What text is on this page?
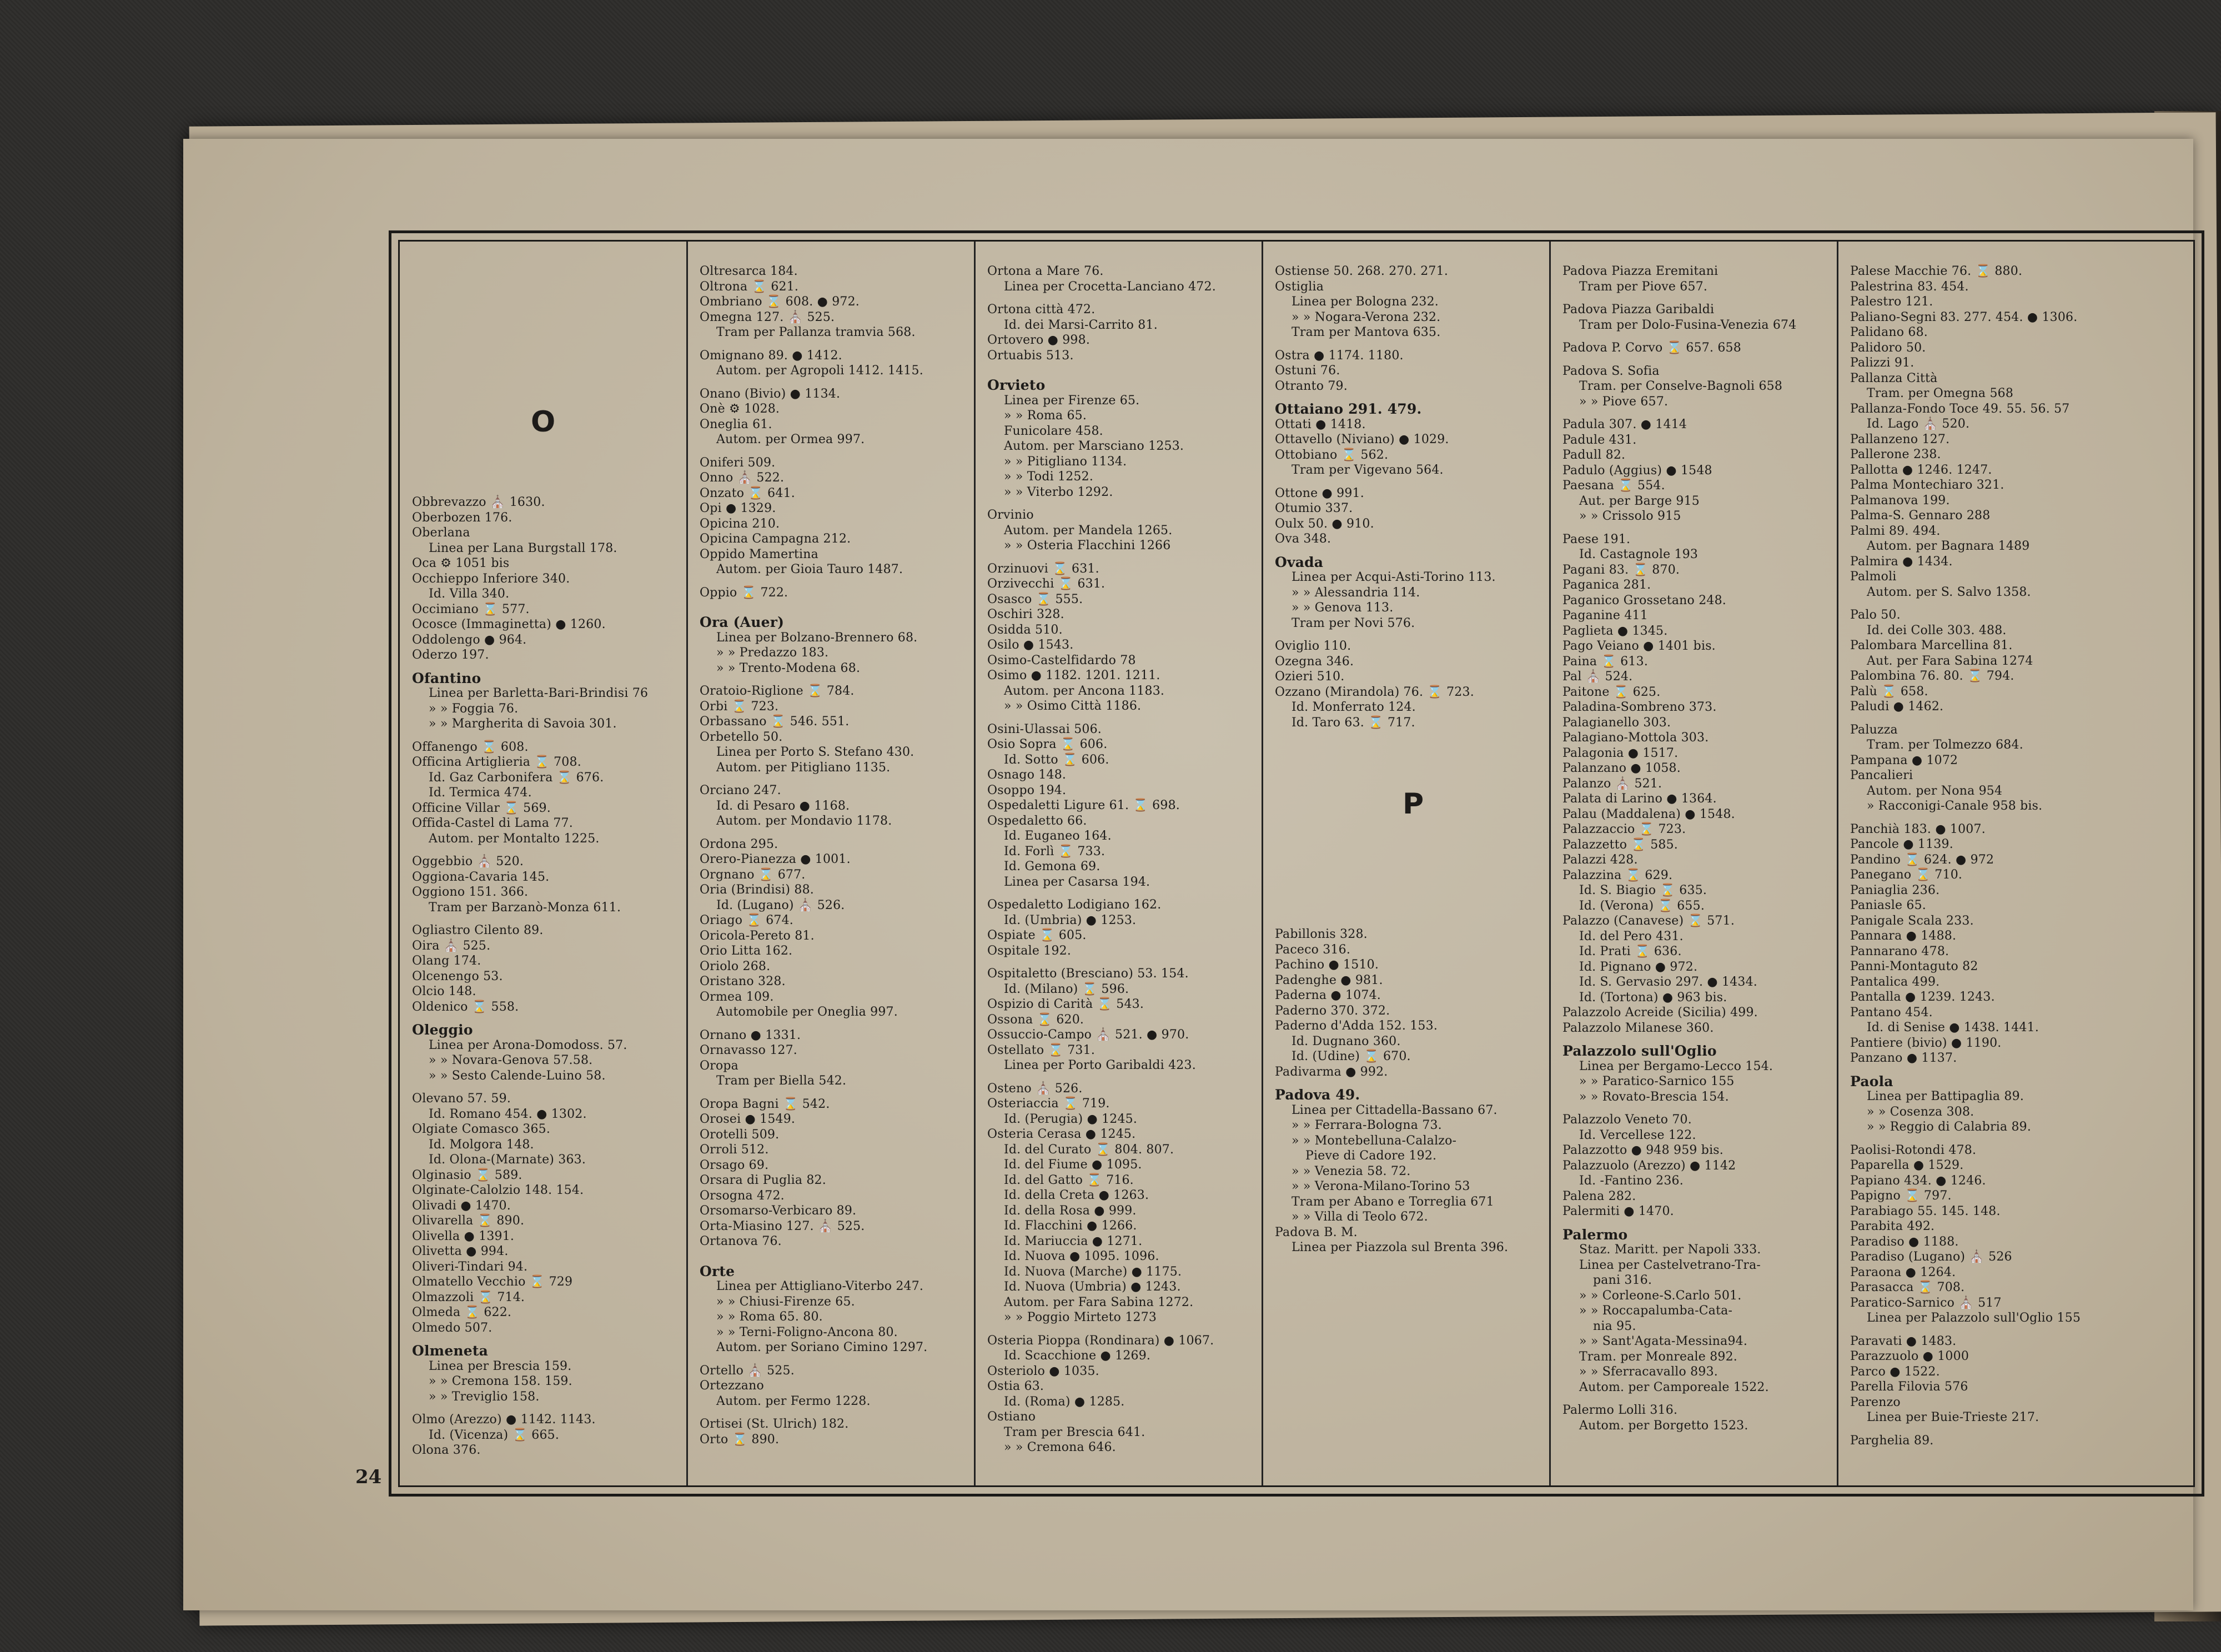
O
Obbrevazzo ⛪ 1630.
Oberbozen 176.
Oberlana
Linea per Lana Burgstall 178.
Oca ⚙ 1051 bis
Occhieppo Inferiore 340.
Id. Villa 340.
Occimiano ⌛ 577.
Ocosce (Immaginetta) ● 1260.
Oddolengo ● 964.
Oderzo 197.
Ofantino
Linea per Barletta-Bari-Brindisi 76
» » Foggia 76.
» » Margherita di Savoia 301.
Offanengo ⌛ 608.
Officina Artiglieria ⌛ 708.
Id. Gaz Carbonifera ⌛ 676.
Id. Termica 474.
Officine Villar ⌛ 569.
Offida-Castel di Lama 77.
Autom. per Montalto 1225.
Oggebbio ⛪ 520.
Oggiona-Cavaria 145.
Oggiono 151. 366.
Tram per Barzanò-Monza 611.
Ogliastro Cilento 89.
Oira ⛪ 525.
Olang 174.
Olcenengo 53.
Olcio 148.
Oldenico ⌛ 558.
Oleggio
Linea per Arona-Domodoss. 57.
» » Novara-Genova 57.58.
» » Sesto Calende-Luino 58.
Olevano 57. 59.
Id. Romano 454. ● 1302.
Olgiate Comasco 365.
Id. Molgora 148.
Id. Olona-(Marnate) 363.
Olginasio ⌛ 589.
Olginate-Calolzio 148. 154.
Olivadi ● 1470.
Olivarella ⌛ 890.
Olivella ● 1391.
Olivetta ● 994.
Oliveri-Tindari 94.
Olmatello Vecchio ⌛ 729
Olmazzoli ⌛ 714.
Olmeda ⌛ 622.
Olmedo 507.
Olmeneta
Linea per Brescia 159.
» » Cremona 158. 159.
» » Treviglio 158.
Olmo (Arezzo) ● 1142. 1143.
Id. (Vicenza) ⌛ 665.
Olona 376.
Oltresarca 184.
Oltrona ⌛ 621.
Ombriano ⌛ 608. ● 972.
Omegna 127. ⛪ 525.
Tram per Pallanza tramvia 568.
Omignano 89. ● 1412.
Autom. per Agropoli 1412. 1415.
Onano (Bivio) ● 1134.
Onè ⚙ 1028.
Oneglia 61.
Autom. per Ormea 997.
Oniferi 509.
Onno ⛪ 522.
Onzato ⌛ 641.
Opi ● 1329.
Opicina 210.
Opicina Campagna 212.
Oppido Mamertina
Autom. per Gioia Tauro 1487.
Oppio ⌛ 722.
Ora (Auer)
Linea per Bolzano-Brennero 68.
» » Predazzo 183.
» » Trento-Modena 68.
Oratoio-Riglione ⌛ 784.
Orbi ⌛ 723.
Orbassano ⌛ 546. 551.
Orbetello 50.
Linea per Porto S. Stefano 430.
Autom. per Pitigliano 1135.
Orciano 247.
Id. di Pesaro ● 1168.
Autom. per Mondavio 1178.
Ordona 295.
Orero-Pianezza ● 1001.
Orgnano ⌛ 677.
Oria (Brindisi) 88.
Id. (Lugano) ⛪ 526.
Oriago ⌛ 674.
Oricola-Pereto 81.
Orio Litta 162.
Oriolo 268.
Oristano 328.
Ormea 109.
Automobile per Oneglia 997.
Ornano ● 1331.
Ornavasso 127.
Oropa
Tram per Biella 542.
Oropa Bagni ⌛ 542.
Orosei ● 1549.
Orotelli 509.
Orroli 512.
Orsago 69.
Orsara di Puglia 82.
Orsogna 472.
Orsomarso-Verbicaro 89.
Orta-Miasino 127. ⛪ 525.
Ortanova 76.
Orte
Linea per Attigliano-Viterbo 247.
» » Chiusi-Firenze 65.
» » Roma 65. 80.
» » Terni-Foligno-Ancona 80.
Autom. per Soriano Cimino 1297.
Ortello ⛪ 525.
Ortezzano
Autom. per Fermo 1228.
Ortisei (St. Ulrich) 182.
Orto ⌛ 890.
Ortona a Mare 76.
Linea per Crocetta-Lanciano 472.
Ortona città 472.
Id. dei Marsi-Carrito 81.
Ortovero ● 998.
Ortuabis 513.
Orvieto
Linea per Firenze 65.
» » Roma 65.
Funicolare 458.
Autom. per Marsciano 1253.
» » Pitigliano 1134.
» » Todi 1252.
» » Viterbo 1292.
Orvinio
Autom. per Mandela 1265.
» » Osteria Flacchini 1266
Orzinuovi ⌛ 631.
Orzivecchi ⌛ 631.
Osasco ⌛ 555.
Oschiri 328.
Osidda 510.
Osilo ● 1543.
Osimo-Castelfidardo 78
Osimo ● 1182. 1201. 1211.
Autom. per Ancona 1183.
» » Osimo Città 1186.
Osini-Ulassai 506.
Osio Sopra ⌛ 606.
Id. Sotto ⌛ 606.
Osnago 148.
Osoppo 194.
Ospedaletti Ligure 61. ⌛ 698.
Ospedaletto 66.
Id. Euganeo 164.
Id. Forlì ⌛ 733.
Id. Gemona 69.
Linea per Casarsa 194.
Ospedaletto Lodigiano 162.
Id. (Umbria) ● 1253.
Ospiate ⌛ 605.
Ospitale 192.
Ospitaletto (Bresciano) 53. 154.
Id. (Milano) ⌛ 596.
Ospizio di Carità ⌛ 543.
Ossona ⌛ 620.
Ossuccio-Campo ⛪ 521. ● 970.
Ostellato ⌛ 731.
Linea per Porto Garibaldi 423.
Osteno ⛪ 526.
Osteriaccia ⌛ 719.
Id. (Perugia) ● 1245.
Osteria Cerasa ● 1245.
Id. del Curato ⌛ 804. 807.
Id. del Fiume ● 1095.
Id. del Gatto ⌛ 716.
Id. della Creta ● 1263.
Id. della Rosa ● 999.
Id. Flacchini ● 1266.
Id. Mariuccia ● 1271.
Id. Nuova ● 1095. 1096.
Id. Nuova (Marche) ● 1175.
Id. Nuova (Umbria) ● 1243.
Autom. per Fara Sabina 1272.
» » Poggio Mirteto 1273
Osteria Pioppa (Rondinara) ● 1067.
Id. Scacchione ● 1269.
Osteriolo ● 1035.
Ostia 63.
Id. (Roma) ● 1285.
Ostiano
Tram per Brescia 641.
» » Cremona 646.
Ostiense 50. 268. 270. 271.
Ostiglia
Linea per Bologna 232.
» » Nogara-Verona 232.
Tram per Mantova 635.
Ostra ● 1174. 1180.
Ostuni 76.
Otranto 79.
Ottaiano 291. 479.
Ottati ● 1418.
Ottavello (Niviano) ● 1029.
Ottobiano ⌛ 562.
Tram per Vigevano 564.
Ottone ● 991.
Otumio 337.
Oulx 50. ● 910.
Ova 348.
Ovada
Linea per Acqui-Asti-Torino 113.
» » Alessandria 114.
» » Genova 113.
Tram per Novi 576.
Oviglio 110.
Ozegna 346.
Ozieri 510.
Ozzano (Mirandola) 76. ⌛ 723.
Id. Monferrato 124.
Id. Taro 63. ⌛ 717.
P
Pabillonis 328.
Paceco 316.
Pachino ● 1510.
Padenghe ● 981.
Paderna ● 1074.
Paderno 370. 372.
Paderno d'Adda 152. 153.
Id. Dugnano 360.
Id. (Udine) ⌛ 670.
Padivarma ● 992.
Padova 49.
Linea per Cittadella-Bassano 67.
» » Ferrara-Bologna 73.
» » Montebelluna-Calalzo-
Pieve di Cadore 192.
» » Venezia 58. 72.
» » Verona-Milano-Torino 53
Tram per Abano e Torreglia 671
» » Villa di Teolo 672.
Padova B. M.
Linea per Piazzola sul Brenta 396.
Padova Piazza Eremitani
Tram per Piove 657.
Padova Piazza Garibaldi
Tram per Dolo-Fusina-Venezia 674
Padova P. Corvo ⌛ 657. 658
Padova S. Sofia
Tram. per Conselve-Bagnoli 658
» » Piove 657.
Padula 307. ● 1414
Padule 431.
Padull 82.
Padulo (Aggius) ● 1548
Paesana ⌛ 554.
Aut. per Barge 915
» » Crissolo 915
Paese 191.
Id. Castagnole 193
Pagani 83. ⌛ 870.
Paganica 281.
Paganico Grossetano 248.
Paganine 411
Paglieta ● 1345.
Pago Veiano ● 1401 bis.
Paina ⌛ 613.
Pal ⛪ 524.
Paitone ⌛ 625.
Paladina-Sombreno 373.
Palagianello 303.
Palagiano-Mottola 303.
Palagonia ● 1517.
Palanzano ● 1058.
Palanzo ⛪ 521.
Palata di Larino ● 1364.
Palau (Maddalena) ● 1548.
Palazzaccio ⌛ 723.
Palazzetto ⌛ 585.
Palazzi 428.
Palazzina ⌛ 629.
Id. S. Biagio ⌛ 635.
Id. (Verona) ⌛ 655.
Palazzo (Canavese) ⌛ 571.
Id. del Pero 431.
Id. Prati ⌛ 636.
Id. Pignano ● 972.
Id. S. Gervasio 297. ● 1434.
Id. (Tortona) ● 963 bis.
Palazzolo Acreide (Sicilia) 499.
Palazzolo Milanese 360.
Palazzolo sull'Oglio
Linea per Bergamo-Lecco 154.
» » Paratico-Sarnico 155
» » Rovato-Brescia 154.
Palazzolo Veneto 70.
Id. Vercellese 122.
Palazzotto ● 948 959 bis.
Palazzuolo (Arezzo) ● 1142
Id. -Fantino 236.
Palena 282.
Palermiti ● 1470.
Palermo
Staz. Maritt. per Napoli 333.
Linea per Castelvetrano-Tra-
pani 316.
» » Corleone-S.Carlo 501.
» » Roccapalumba-Cata-
nia 95.
» » Sant'Agata-Messina94.
Tram. per Monreale 892.
» » Sferracavallo 893.
Autom. per Camporeale 1522.
Palermo Lolli 316.
Autom. per Borgetto 1523.
Palese Macchie 76. ⌛ 880.
Palestrina 83. 454.
Palestro 121.
Paliano-Segni 83. 277. 454. ● 1306.
Palidano 68.
Palidoro 50.
Palizzi 91.
Pallanza Città
Tram. per Omegna 568
Pallanza-Fondo Toce 49. 55. 56. 57
Id. Lago ⛪ 520.
Pallanzeno 127.
Pallerone 238.
Pallotta ● 1246. 1247.
Palma Montechiaro 321.
Palmanova 199.
Palma-S. Gennaro 288
Palmi 89. 494.
Autom. per Bagnara 1489
Palmira ● 1434.
Palmoli
Autom. per S. Salvo 1358.
Palo 50.
Id. dei Colle 303. 488.
Palombara Marcellina 81.
Aut. per Fara Sabina 1274
Palombina 76. 80. ⌛ 794.
Palù ⌛ 658.
Paludi ● 1462.
Paluzza
Tram. per Tolmezzo 684.
Pampana ● 1072
Pancalieri
Autom. per Nona 954
» Racconigi-Canale 958 bis.
Panchià 183. ● 1007.
Pancole ● 1139.
Pandino ⌛ 624. ● 972
Panegano ⌛ 710.
Paniaglia 236.
Paniasle 65.
Panigale Scala 233.
Pannara ● 1488.
Pannarano 478.
Panni-Montaguto 82
Pantalica 499.
Pantalla ● 1239. 1243.
Pantano 454.
Id. di Senise ● 1438. 1441.
Pantiere (bivio) ● 1190.
Panzano ● 1137.
Paola
Linea per Battipaglia 89.
» » Cosenza 308.
» » Reggio di Calabria 89.
Paolisi-Rotondi 478.
Paparella ● 1529.
Papiano 434. ● 1246.
Papigno ⌛ 797.
Parabiago 55. 145. 148.
Parabita 492.
Paradiso ● 1188.
Paradiso (Lugano) ⛪ 526
Paraona ● 1264.
Parasacca ⌛ 708.
Paratico-Sarnico ⛪ 517
Linea per Palazzolo sull'Oglio 155
Paravati ● 1483.
Parazzuolo ● 1000
Parco ● 1522.
Parella Filovia 576
Parenzo
Linea per Buie-Trieste 217.
Parghelia 89.
24
